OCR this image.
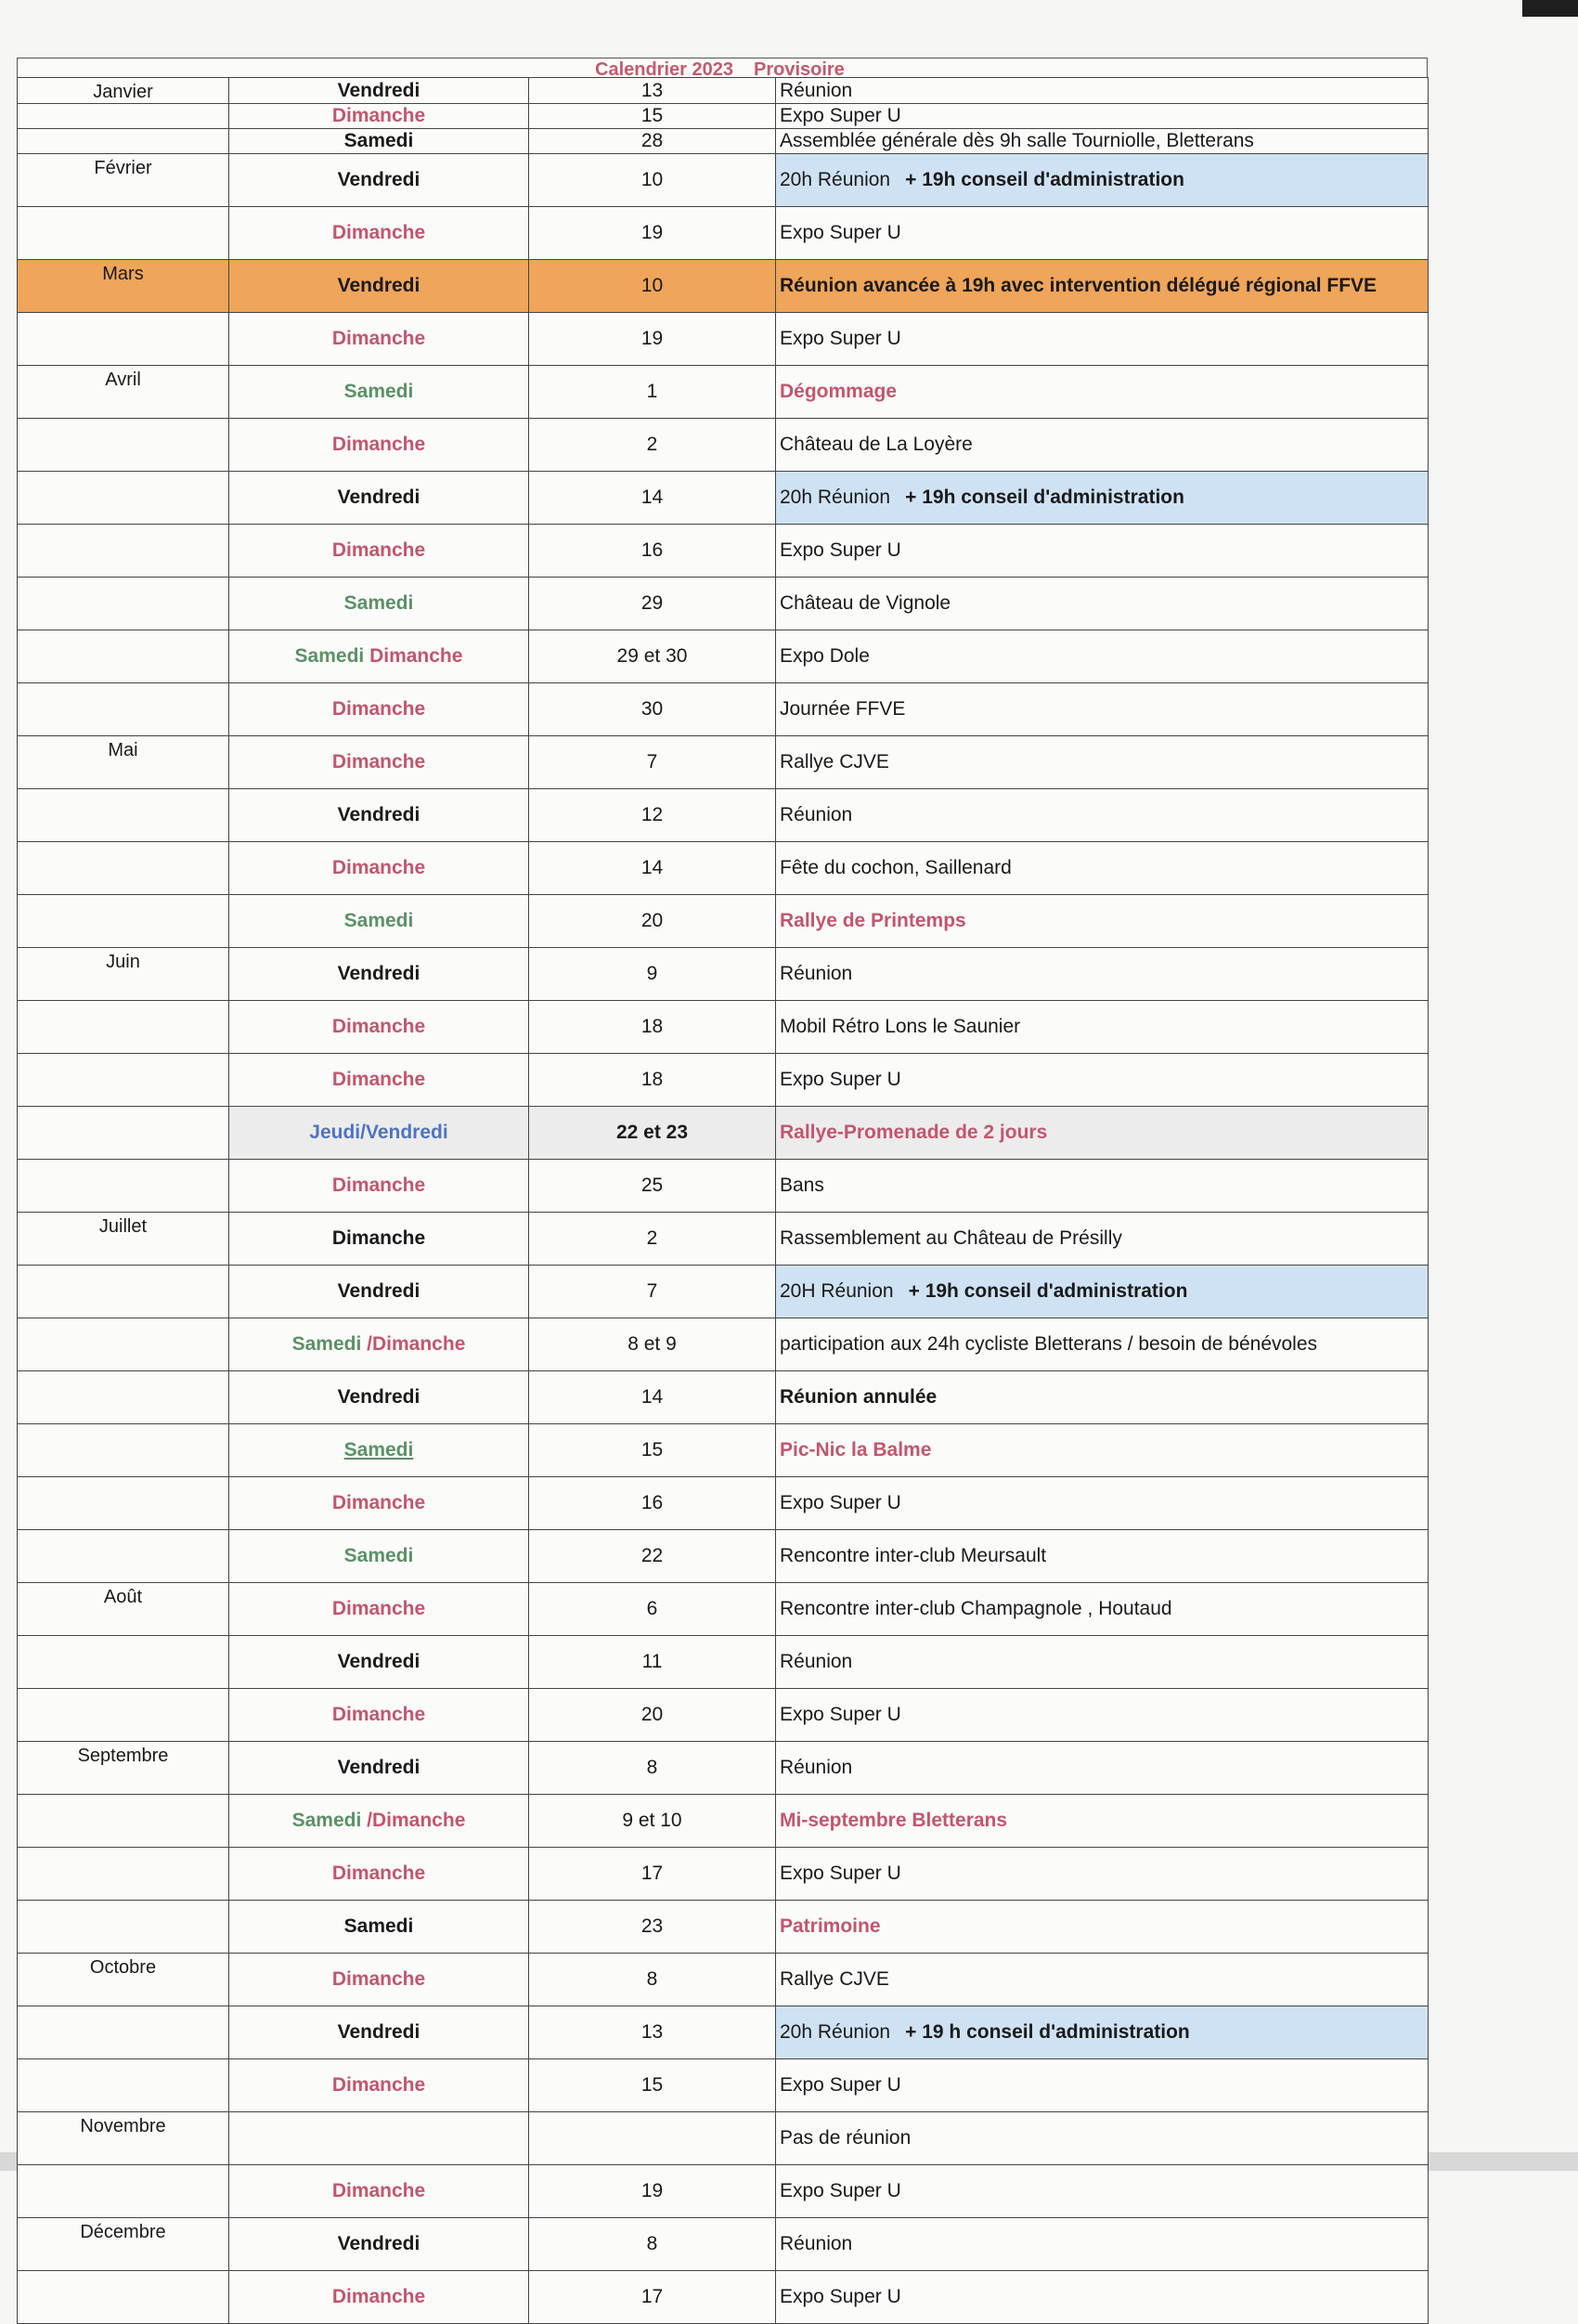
Calendrier 2023 Provisoire
Janvier	Vendredi	13	Réunion
	Dimanche	15	Expo Super U
	Samedi	28	Assemblée générale dès 9h salle Tourniolle, Bletterans
Février	Vendredi	10	20h Réunion + 19h conseil d'administration
	Dimanche	19	Expo Super U
Mars	Vendredi	10	Réunion avancée à 19h avec intervention délégué régional FFVE
	Dimanche	19	Expo Super U
Avril	Samedi	1	Dégommage
	Dimanche	2	Château de La Loyère
	Vendredi	14	20h Réunion + 19h conseil d'administration
	Dimanche	16	Expo Super U
	Samedi	29	Château de Vignole
	Samedi Dimanche	29 et 30	Expo Dole
	Dimanche	30	Journée FFVE
Mai	Dimanche	7	Rallye CJVE
	Vendredi	12	Réunion
	Dimanche	14	Fête du cochon, Saillenard
	Samedi	20	Rallye de Printemps
Juin	Vendredi	9	Réunion
	Dimanche	18	Mobil Rétro Lons le Saunier
	Dimanche	18	Expo Super U
	Jeudi/Vendredi	22 et 23	Rallye-Promenade de 2 jours
	Dimanche	25	Bans
Juillet	Dimanche	2	Rassemblement au Château de Présilly
	Vendredi	7	20H Réunion + 19h conseil d'administration
	Samedi /Dimanche	8 et 9	participation aux 24h cycliste Bletterans / besoin de bénévoles
	Vendredi	14	Réunion annulée
	Samedi	15	Pic-Nic la Balme
	Dimanche	16	Expo Super U
	Samedi	22	Rencontre inter-club Meursault
Août	Dimanche	6	Rencontre inter-club Champagnole , Houtaud
	Vendredi	11	Réunion
	Dimanche	20	Expo Super U
Septembre	Vendredi	8	Réunion
	Samedi /Dimanche	9 et 10	Mi-septembre Bletterans
	Dimanche	17	Expo Super U
	Samedi	23	Patrimoine
Octobre	Dimanche	8	Rallye CJVE
	Vendredi	13	20h Réunion + 19 h conseil d'administration
	Dimanche	15	Expo Super U
Novembre			Pas de réunion
	Dimanche	19	Expo Super U
Décembre	Vendredi	8	Réunion
	Dimanche	17	Expo Super U
